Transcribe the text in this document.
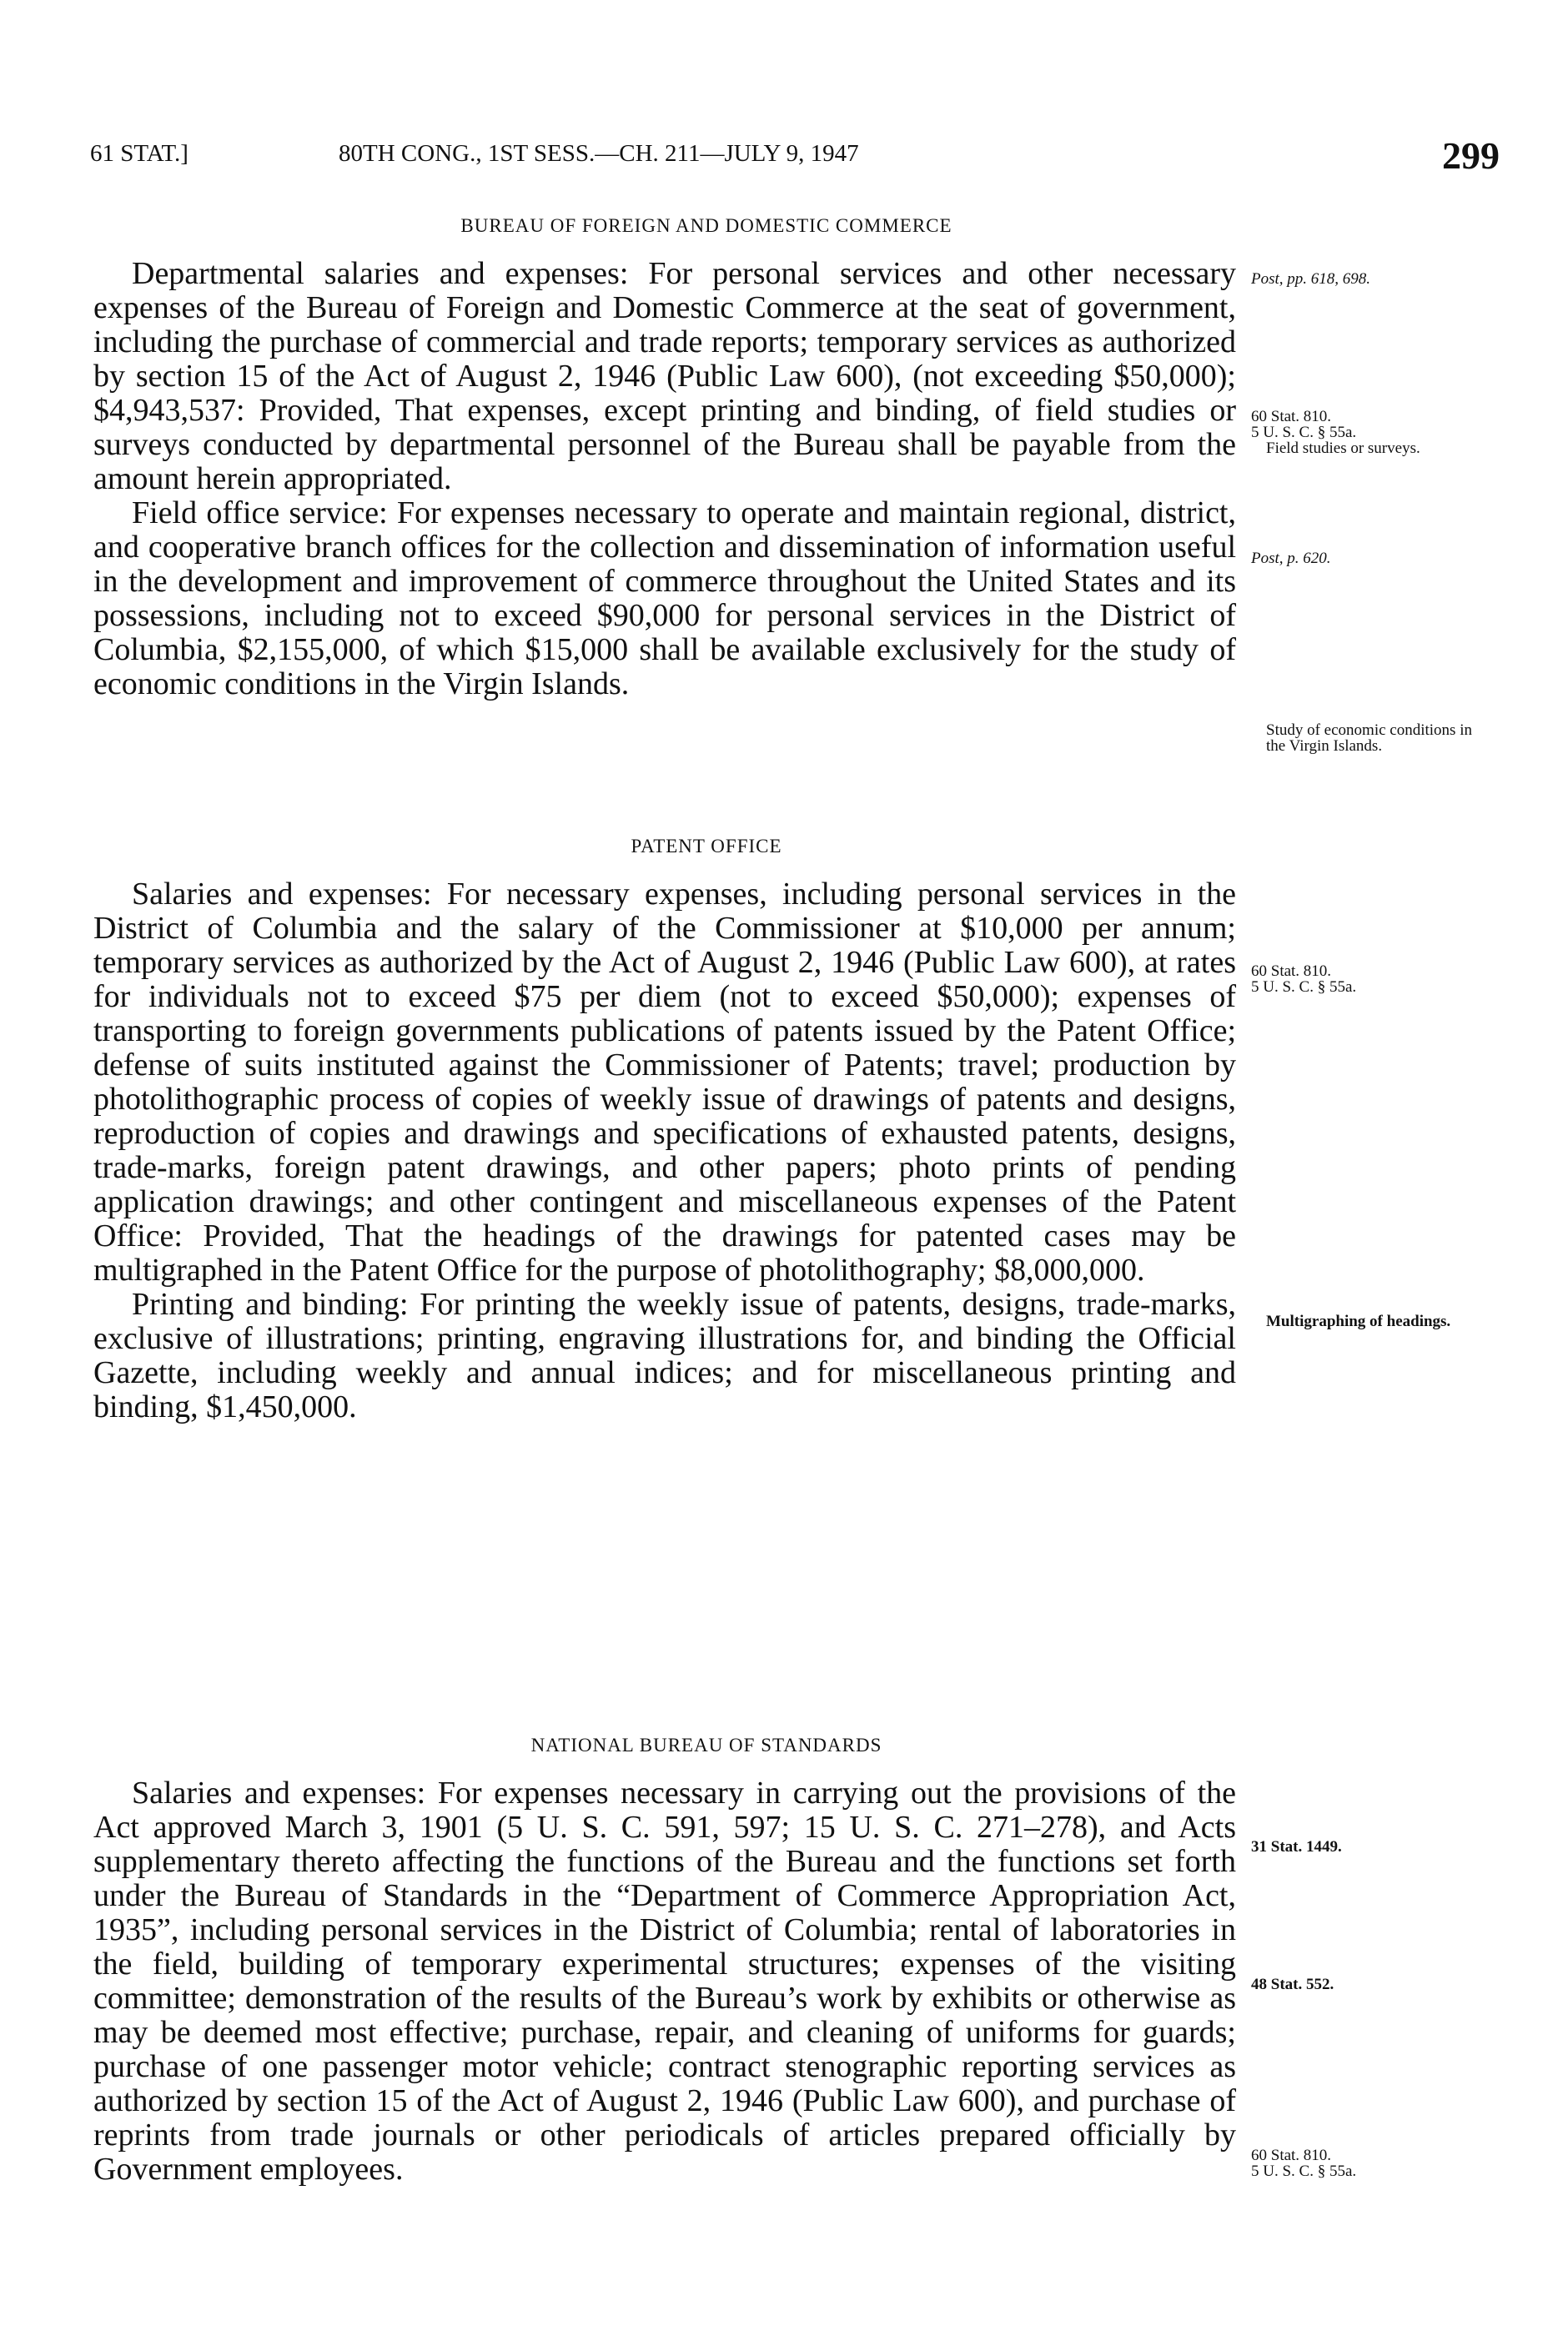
61 STAT.]	80TH CONG., 1ST SESS.—CH. 211—JULY 9, 1947	299
BUREAU OF FOREIGN AND DOMESTIC COMMERCE

Departmental salaries and expenses: For personal services and other necessary expenses of the Bureau of Foreign and Domestic Commerce at the seat of government, including the purchase of commercial and trade reports; temporary services as authorized by section 15 of the Act of August 2, 1946 (Public Law 600), (not exceeding $50,000); $4,943,537: Provided, That expenses, except printing and binding, of field studies or surveys conducted by departmental personnel of the Bureau shall be payable from the amount herein appropriated.

Field office service: For expenses necessary to operate and maintain regional, district, and cooperative branch offices for the collection and dissemination of information useful in the development and improvement of commerce throughout the United States and its possessions, including not to exceed $90,000 for personal services in the District of Columbia, $2,155,000, of which $15,000 shall be available exclusively for the study of economic conditions in the Virgin Islands.

PATENT OFFICE

Salaries and expenses: For necessary expenses, including personal services in the District of Columbia and the salary of the Commissioner at $10,000 per annum; temporary services as authorized by the Act of August 2, 1946 (Public Law 600), at rates for individuals not to exceed $75 per diem (not to exceed $50,000); expenses of transporting to foreign governments publications of patents issued by the Patent Office; defense of suits instituted against the Commissioner of Patents; travel; production by photolithographic process of copies of weekly issue of drawings of patents and designs, reproduction of copies and drawings and specifications of exhausted patents, designs, trade-marks, foreign patent drawings, and other papers; photo prints of pending application drawings; and other contingent and miscellaneous expenses of the Patent Office: Provided, That the headings of the drawings for patented cases may be multigraphed in the Patent Office for the purpose of photolithography; $8,000,000.

Printing and binding: For printing the weekly issue of patents, designs, trade-marks, exclusive of illustrations; printing, engraving illustrations for, and binding the Official Gazette, including weekly and annual indices; and for miscellaneous printing and binding, $1,450,000.

NATIONAL BUREAU OF STANDARDS

Salaries and expenses: For expenses necessary in carrying out the provisions of the Act approved March 3, 1901 (5 U. S. C. 591, 597; 15 U. S. C. 271–278), and Acts supplementary thereto affecting the functions of the Bureau and the functions set forth under the Bureau of Standards in the “Department of Commerce Appropriation Act, 1935”, including personal services in the District of Columbia; rental of laboratories in the field, building of temporary experimental structures; expenses of the visiting committee; demonstration of the results of the Bureau’s work by exhibits or otherwise as may be deemed most effective; purchase, repair, and cleaning of uniforms for guards; purchase of one passenger motor vehicle; contract stenographic reporting services as authorized by section 15 of the Act of August 2, 1946 (Public Law 600), and purchase of reprints from trade journals or other periodicals of articles prepared officially by Government employees.

Post, pp. 618, 698.
60 Stat. 810.
5 U. S. C. § 55a.
Field studies or surveys.
Post, p. 620.
Study of economic conditions in the Virgin Islands.
60 Stat. 810.
5 U. S. C. § 55a.
Multigraphing of headings.
31 Stat. 1449.
48 Stat. 552.
60 Stat. 810.
5 U. S. C. § 55a.
